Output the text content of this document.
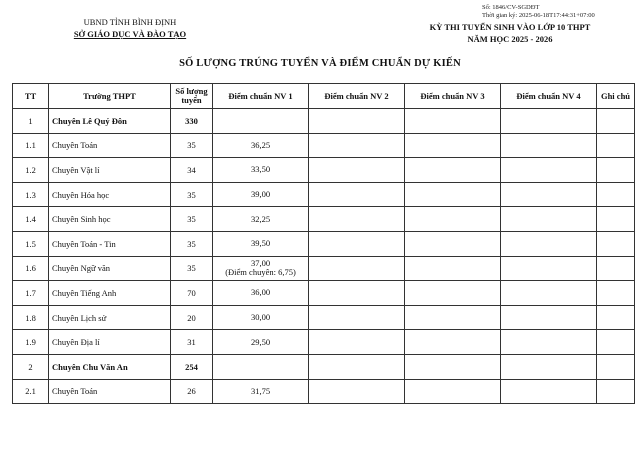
UBND TỈNH BÌNH ĐỊNH
SỞ GIÁO DỤC VÀ ĐÀO TẠO
Số: 1846/CV-SGDĐT
Thời gian ký: 2025-06-18T17:44:31+07:00
KỲ THI TUYỂN SINH VÀO LỚP 10 THPT
NĂM HỌC 2025 - 2026
SỐ LƯỢNG TRÚNG TUYỂN VÀ ĐIỂM CHUẨN DỰ KIẾN
TT	Trường THPT	Số lượng tuyển	Điểm chuẩn NV 1	Điểm chuẩn NV 2	Điểm chuẩn NV 3	Điểm chuẩn NV 4	Ghi chú
1	Chuyên Lê Quý Đôn	330					
1.1	Chuyên Toán	35	36,25				
1.2	Chuyên Vật lí	34	33,50				
1.3	Chuyên Hóa học	35	39,00				
1.4	Chuyên Sinh học	35	32,25				
1.5	Chuyên Toán - Tin	35	39,50				
1.6	Chuyên Ngữ văn	35	37,00
(Điểm chuyên: 6,75)				

1.7	Chuyên Tiếng Anh	70	36,00				
1.8	Chuyên Lịch sử	20	30,00				
1.9	Chuyên Địa lí	31	29,50				
2	Chuyên Chu Văn An	254					
2.1	Chuyên Toán	26	31,75				
